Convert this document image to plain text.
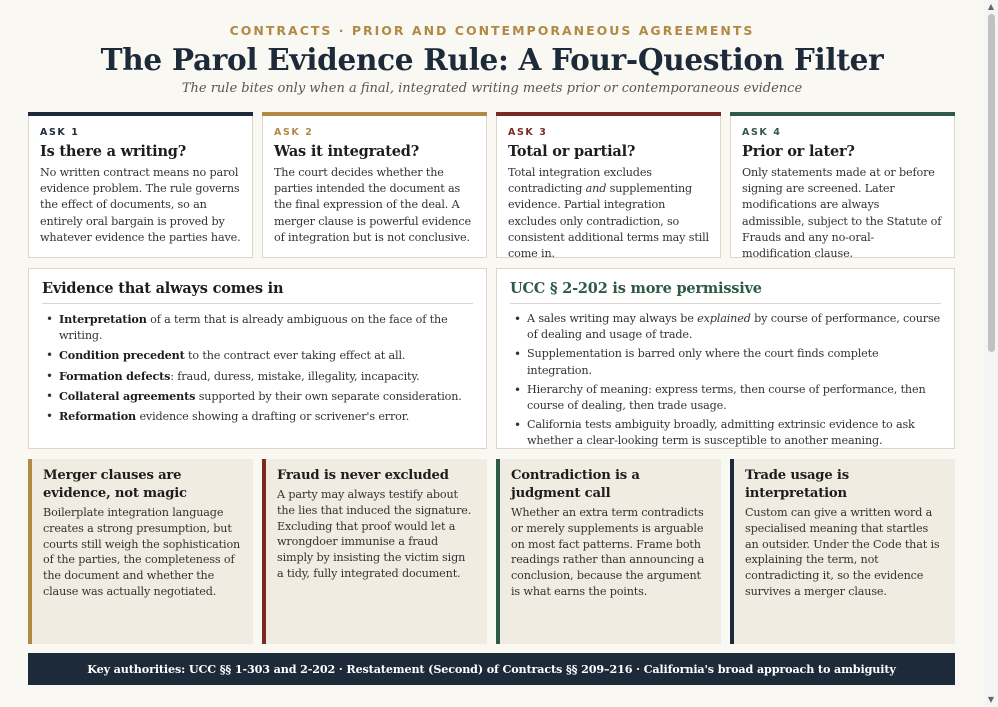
CONTRACTS · PRIOR AND CONTEMPORANEOUS AGREEMENTS
The Parol Evidence Rule: A Four-Question Filter
The rule bites only when a final, integrated writing meets prior or contemporaneous evidence
ASK 1
Is there a writing?
No written contract means no parol evidence problem. The rule governs the effect of documents, so an entirely oral bargain is proved by whatever evidence the parties have.
ASK 2
Was it integrated?
The court decides whether the parties intended the document as the final expression of the deal. A merger clause is powerful evidence of integration but is not conclusive.
ASK 3
Total or partial?
Total integration excludes contradicting and supplementing evidence. Partial integration excludes only contradiction, so consistent additional terms may still come in.
ASK 4
Prior or later?
Only statements made at or before signing are screened. Later modifications are always admissible, subject to the Statute of Frauds and any no-oral-modification clause.
Evidence that always comes in
• Interpretation of a term that is already ambiguous on the face of the writing.
• Condition precedent to the contract ever taking effect at all.
• Formation defects: fraud, duress, mistake, illegality, incapacity.
• Collateral agreements supported by their own separate consideration.
• Reformation evidence showing a drafting or scrivener's error.
UCC § 2-202 is more permissive
• A sales writing may always be explained by course of performance, course of dealing and usage of trade.
• Supplementation is barred only where the court finds complete integration.
• Hierarchy of meaning: express terms, then course of performance, then course of dealing, then trade usage.
• California tests ambiguity broadly, admitting extrinsic evidence to ask whether a clear-looking term is susceptible to another meaning.
Merger clauses are evidence, not magic
Boilerplate integration language creates a strong presumption, but courts still weigh the sophistication of the parties, the completeness of the document and whether the clause was actually negotiated.
Fraud is never excluded
A party may always testify about the lies that induced the signature. Excluding that proof would let a wrongdoer immunise a fraud simply by insisting the victim sign a tidy, fully integrated document.
Contradiction is a judgment call
Whether an extra term contradicts or merely supplements is arguable on most fact patterns. Frame both readings rather than announcing a conclusion, because the argument is what earns the points.
Trade usage is interpretation
Custom can give a written word a specialised meaning that startles an outsider. Under the Code that is explaining the term, not contradicting it, so the evidence survives a merger clause.
Key authorities: UCC §§ 1-303 and 2-202 · Restatement (Second) of Contracts §§ 209–216 · California's broad approach to ambiguity
▲
▼
